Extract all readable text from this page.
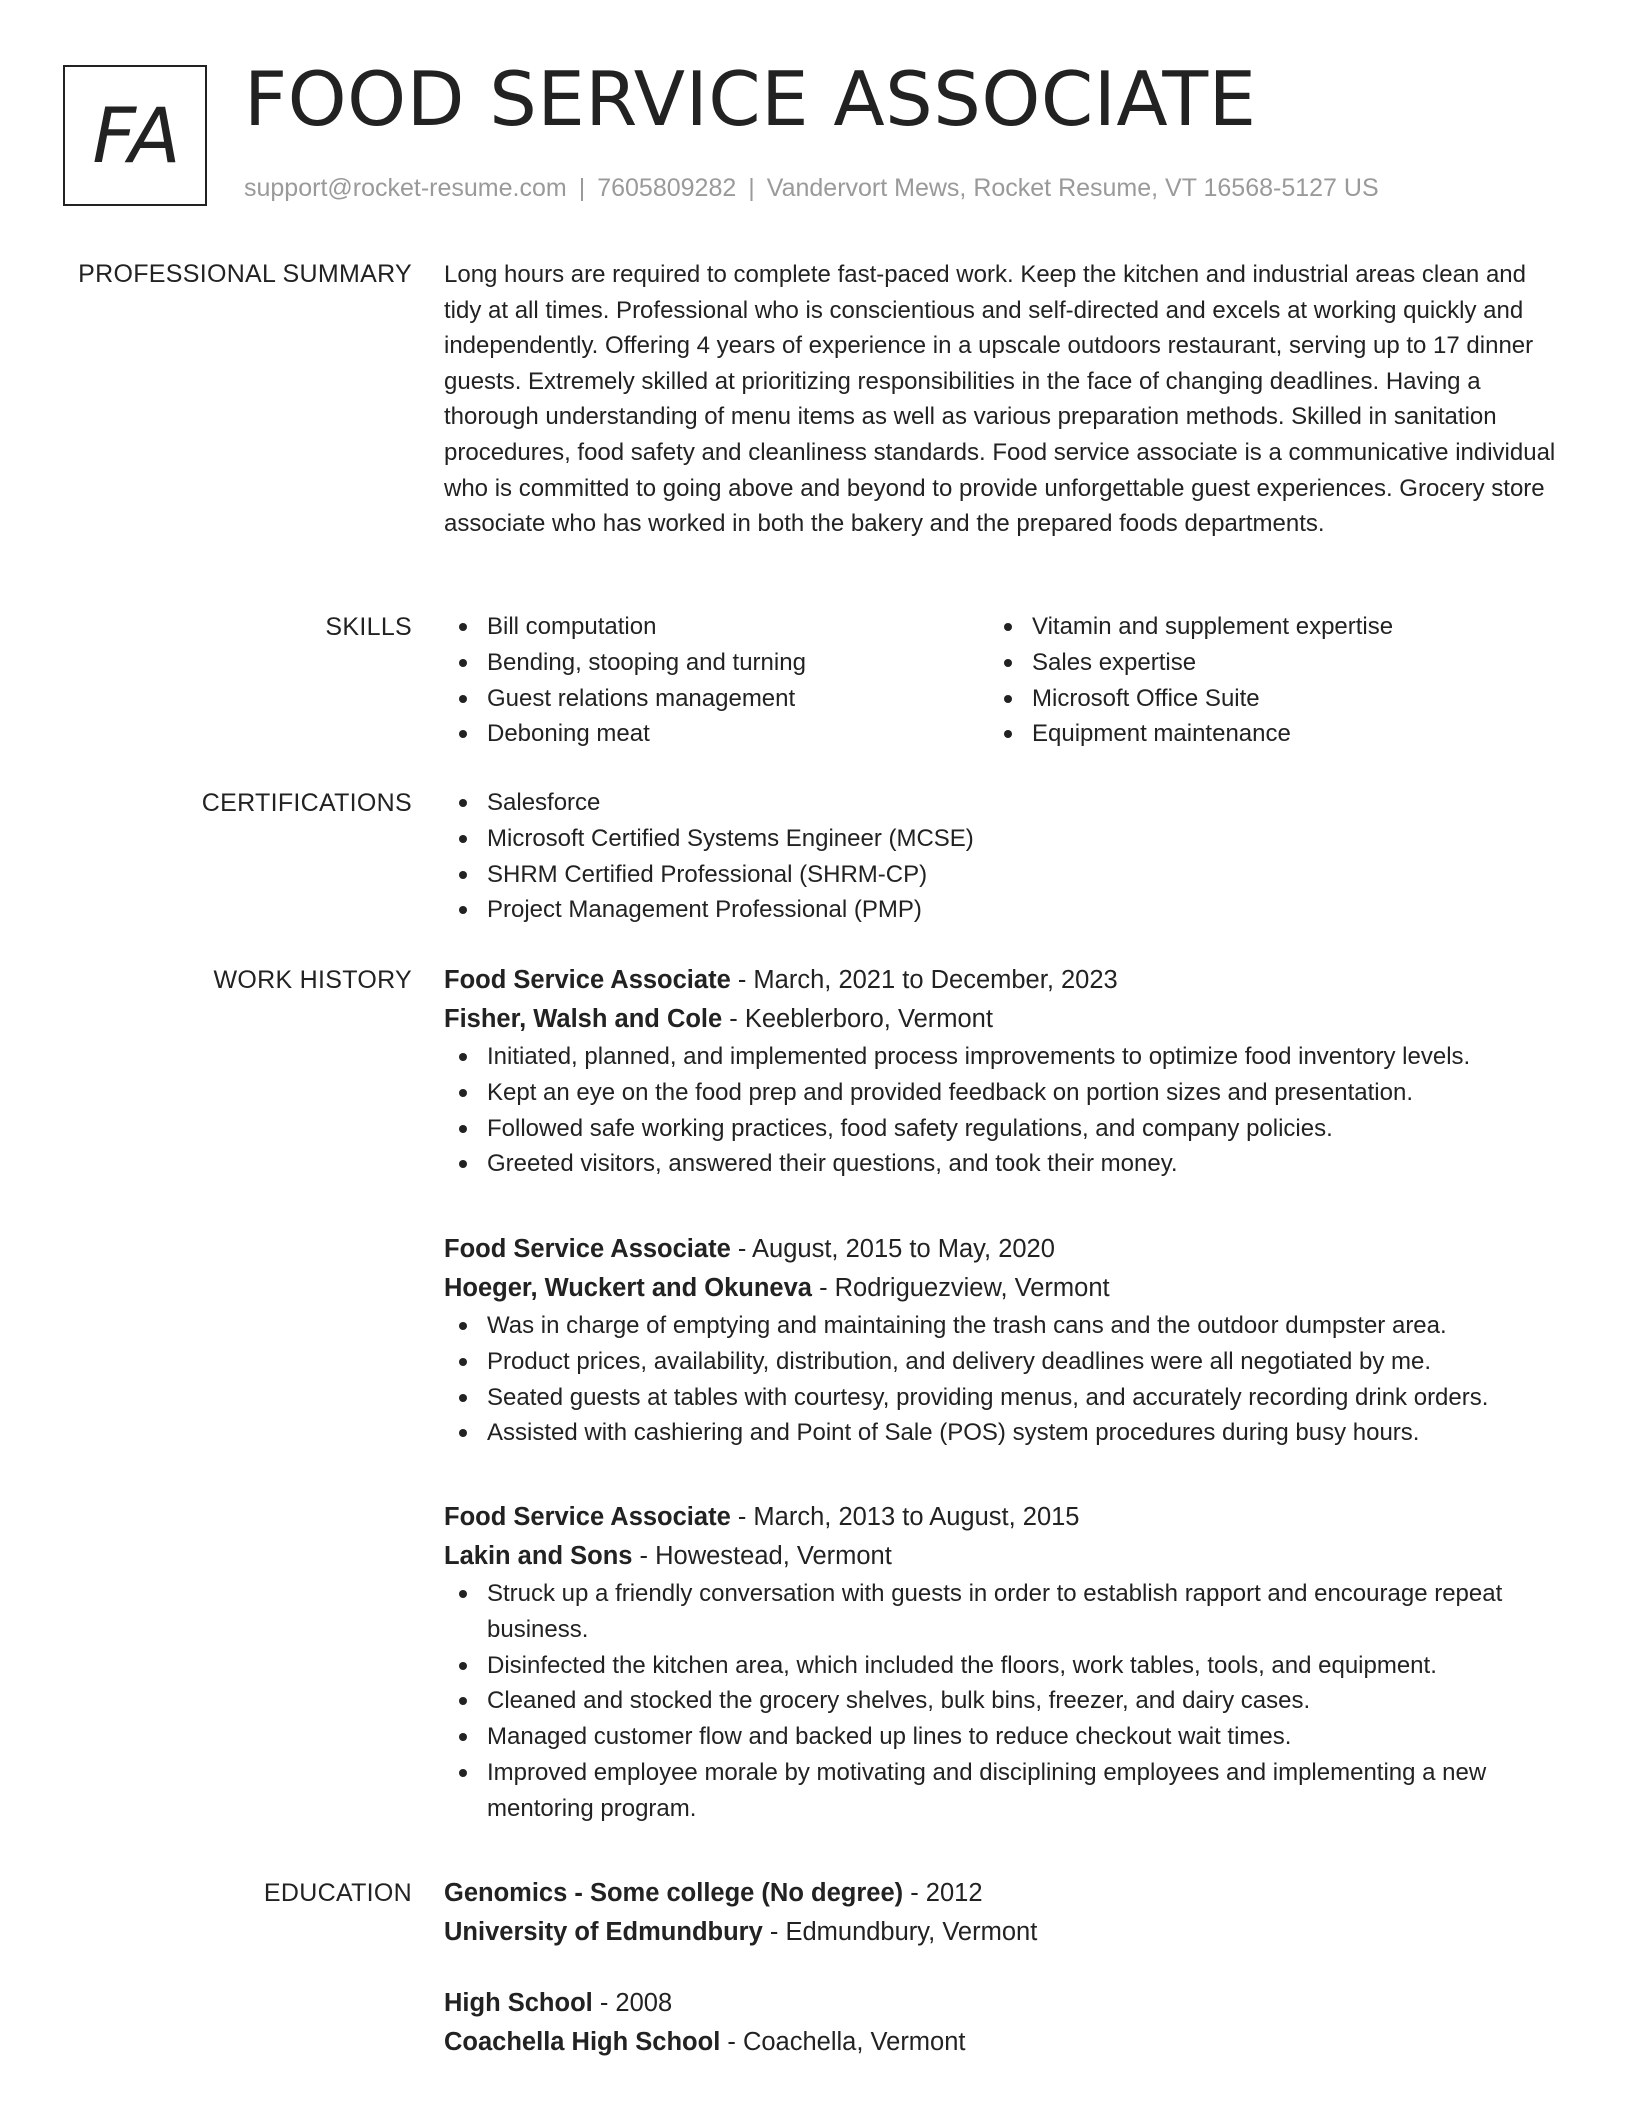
FA FOOD SERVICE ASSOCIATE
support@rocket-resume.com | 7605809282 | Vandervort Mews, Rocket Resume, VT 16568-5127 US
PROFESSIONAL SUMMARY Long hours are required to complete fast-paced work. Keep the kitchen and industrial areas clean and tidy at all times. Professional who is conscientious and self-directed and excels at working quickly and independently. Offering 4 years of experience in a upscale outdoors restaurant, serving up to 17 dinner guests. Extremely skilled at prioritizing responsibilities in the face of changing deadlines. Having a thorough understanding of menu items as well as various preparation methods. Skilled in sanitation procedures, food safety and cleanliness standards. Food service associate is a communicative individual who is committed to going above and beyond to provide unforgettable guest experiences. Grocery store associate who has worked in both the bakery and the prepared foods departments.

SKILLS	Bill computation
Bending, stooping and turning
Guest relations management
Deboning meat
Vitamin and supplement expertise
Sales expertise
Microsoft Office Suite
Equipment maintenance
CERTIFICATIONS	Salesforce
Microsoft Certified Systems Engineer (MCSE)
SHRM Certified Professional (SHRM-CP)
Project Management Professional (PMP)
WORK HISTORY Food Service Associate - March, 2021 to December, 2023
Fisher, Walsh and Cole - Keeblerboro, Vermont
Initiated, planned, and implemented process improvements to optimize food inventory levels.
Kept an eye on the food prep and provided feedback on portion sizes and presentation.
Followed safe working practices, food safety regulations, and company policies.
Greeted visitors, answered their questions, and took their money.
Food Service Associate - August, 2015 to May, 2020
Hoeger, Wuckert and Okuneva - Rodriguezview, Vermont
Was in charge of emptying and maintaining the trash cans and the outdoor dumpster area.
Product prices, availability, distribution, and delivery deadlines were all negotiated by me.
Seated guests at tables with courtesy, providing menus, and accurately recording drink orders.
Assisted with cashiering and Point of Sale (POS) system procedures during busy hours.
Food Service Associate - March, 2013 to August, 2015
Lakin and Sons - Howestead, Vermont
Struck up a friendly conversation with guests in order to establish rapport and encourage repeat business.
Disinfected the kitchen area, which included the floors, work tables, tools, and equipment.
Cleaned and stocked the grocery shelves, bulk bins, freezer, and dairy cases.
Managed customer flow and backed up lines to reduce checkout wait times.
Improved employee morale by motivating and disciplining employees and implementing a new mentoring program.
EDUCATION Genomics - Some college (No degree) - 2012
University of Edmundbury - Edmundbury, Vermont
High School - 2008
Coachella High School - Coachella, Vermont
